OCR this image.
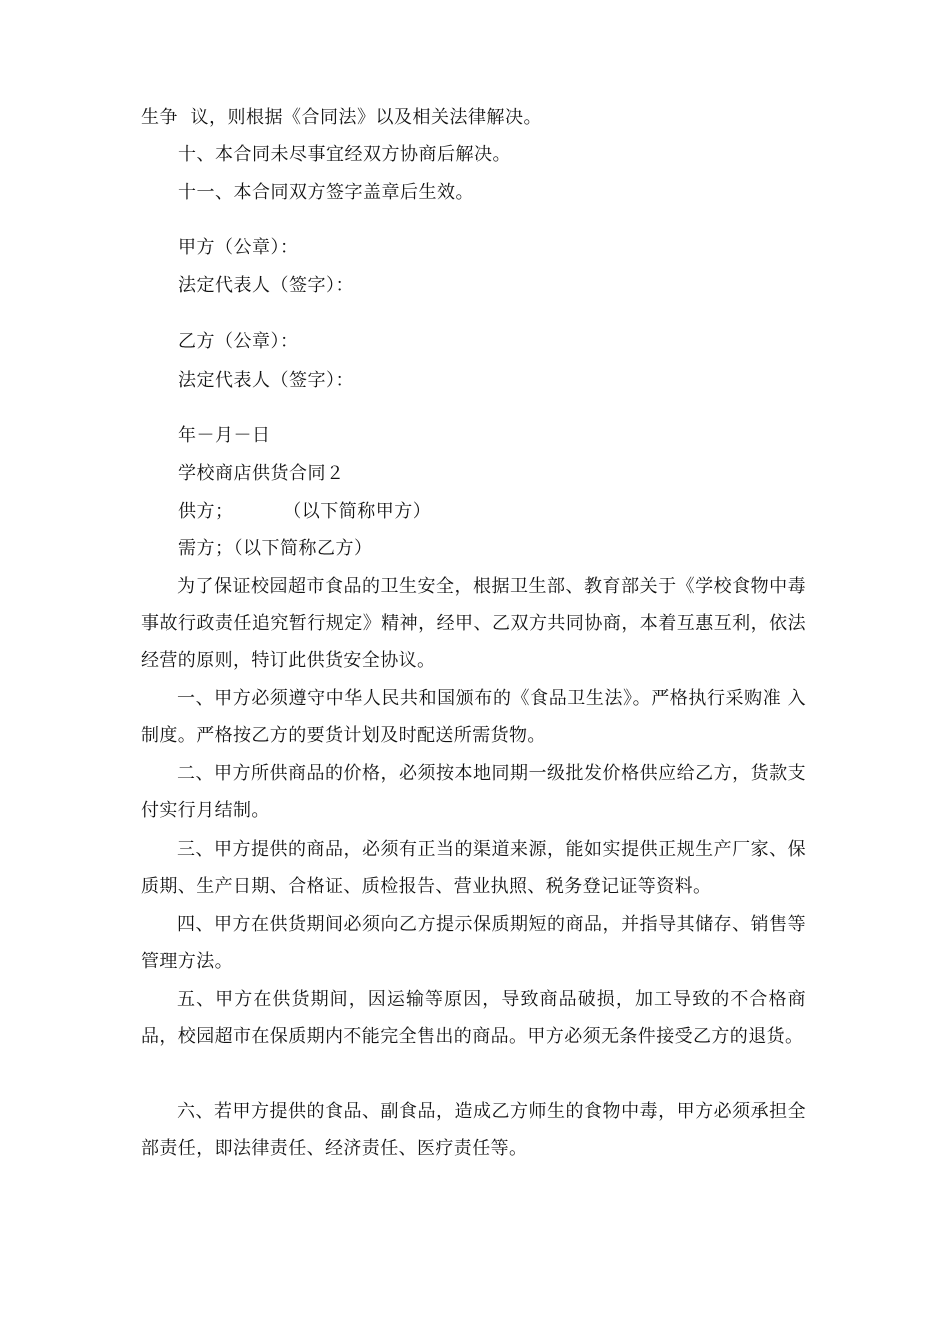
生争  议，则根据《合同法》以及相关法律解决。
十、本合同未尽事宜经双方协商后解决。
十一、本合同双方签字盖章后生效。
甲方（公章）：
法定代表人（签字）：
乙方（公章）：
法定代表人（签字）：
年－月－日
学校商店供货合同２
供方；        （以下简称甲方）
需方；（以下简称乙方）

为了保证校园超市食品的卫生安全，根据卫生部、教育部关于《学校食物中毒事故行政责任追究暂行规定》精神，经甲、乙双方共同协商，本着互惠互利，依法经营的原则，特订此供货安全协议。

一、甲方必须遵守中华人民共和国颁布的《食品卫生法》。严格执行采购准 入制度。严格按乙方的要货计划及时配送所需货物。

二、甲方所供商品的价格，必须按本地同期一级批发价格供应给乙方，货款支付实行月结制。

三、甲方提供的商品，必须有正当的渠道来源，能如实提供正规生产厂家、保质期、生产日期、合格证、质检报告、营业执照、税务登记证等资料。

四、甲方在供货期间必须向乙方提示保质期短的商品，并指导其储存、销售等管理方法。

五、甲方在供货期间，因运输等原因，导致商品破损，加工导致的不合格商品，校园超市在保质期内不能完全售出的商品。甲方必须无条件接受乙方的退货。

六、若甲方提供的食品、副食品，造成乙方师生的食物中毒，甲方必须承担全部责任，即法律责任、经济责任、医疗责任等。
